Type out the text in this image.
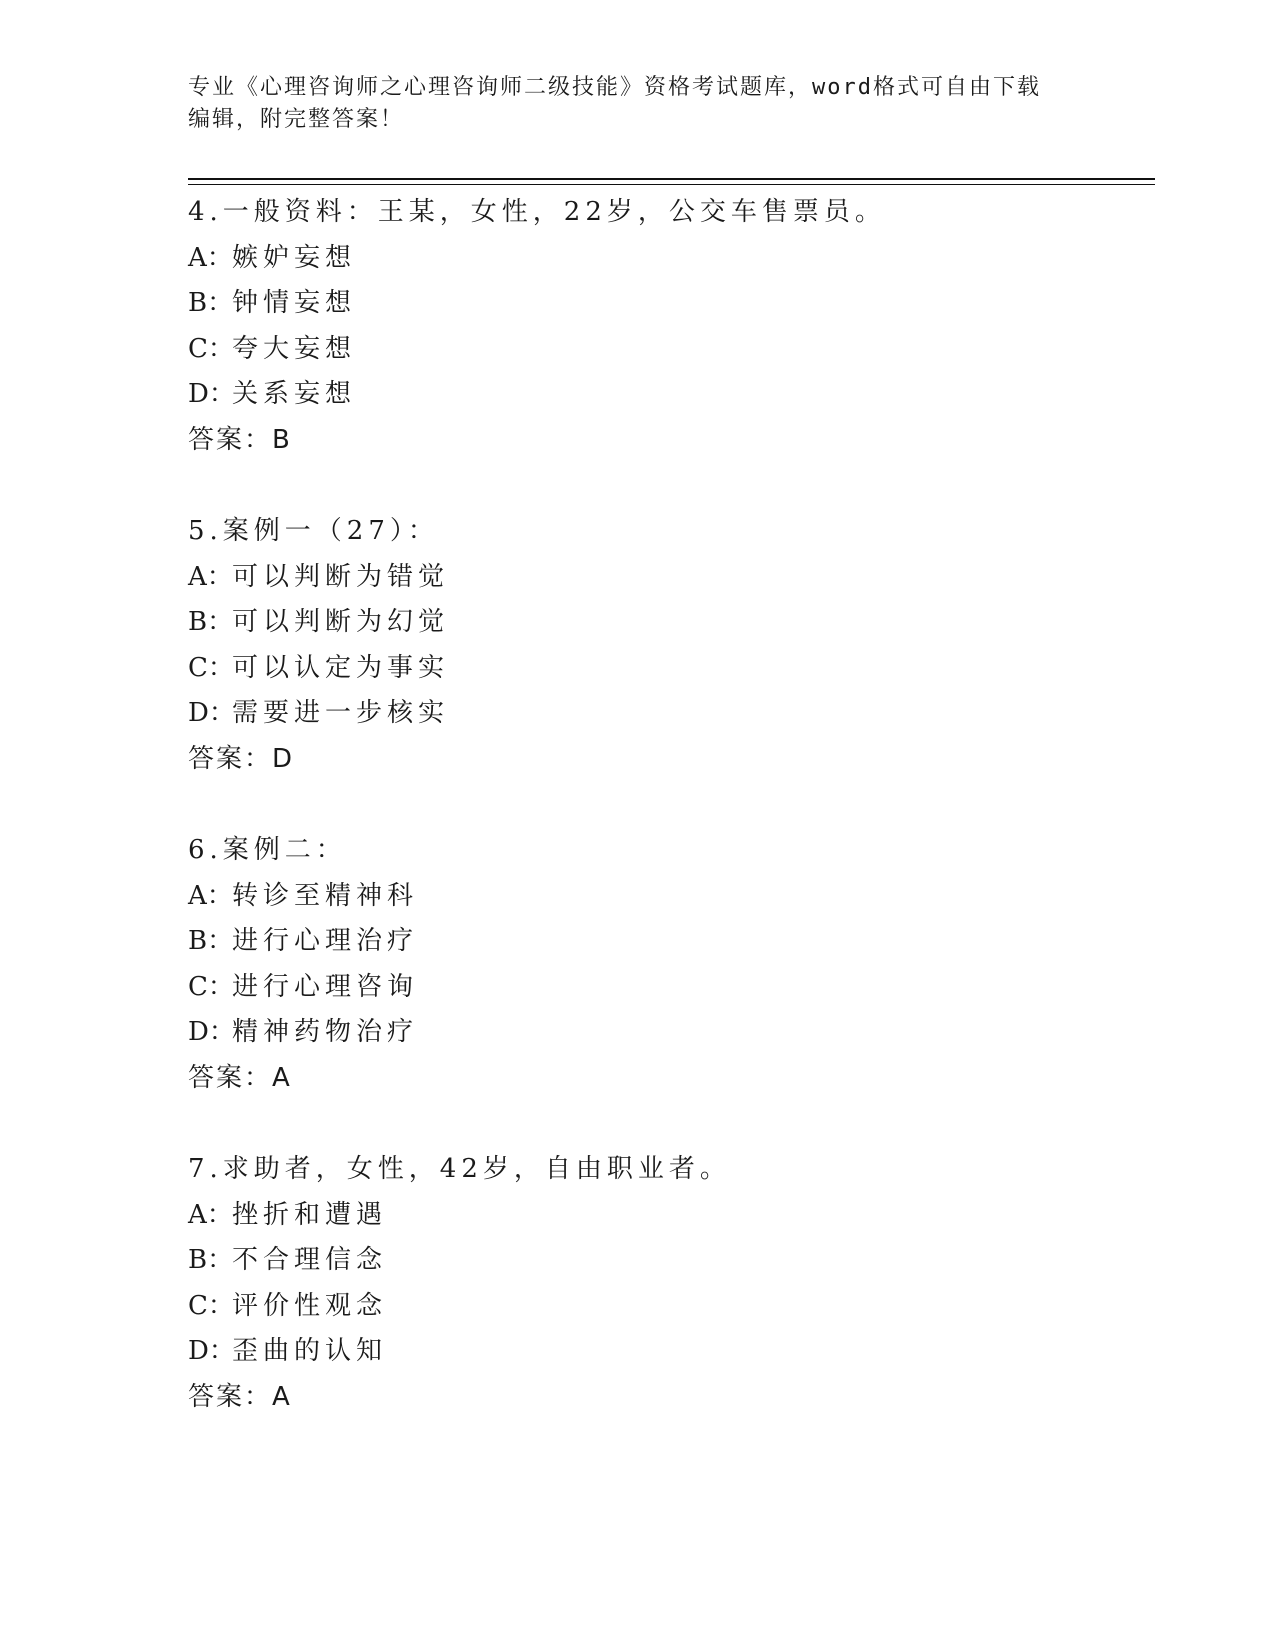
专业《心理咨询师之心理咨询师二级技能》资格考试题库，word格式可自由下载
编辑，附完整答案！
4.一般资料：王某，女性，22岁，公交车售票员。
A：嫉妒妄想
B：钟情妄想
C：夸大妄想
D：关系妄想
答案：B
5.案例一（27）：
A：可以判断为错觉
B：可以判断为幻觉
C：可以认定为事实
D：需要进一步核实
答案：D
6.案例二：
A：转诊至精神科
B：进行心理治疗
C：进行心理咨询
D：精神药物治疗
答案：A
7.求助者，女性，42岁，自由职业者。
A：挫折和遭遇
B：不合理信念
C：评价性观念
D：歪曲的认知
答案：A
